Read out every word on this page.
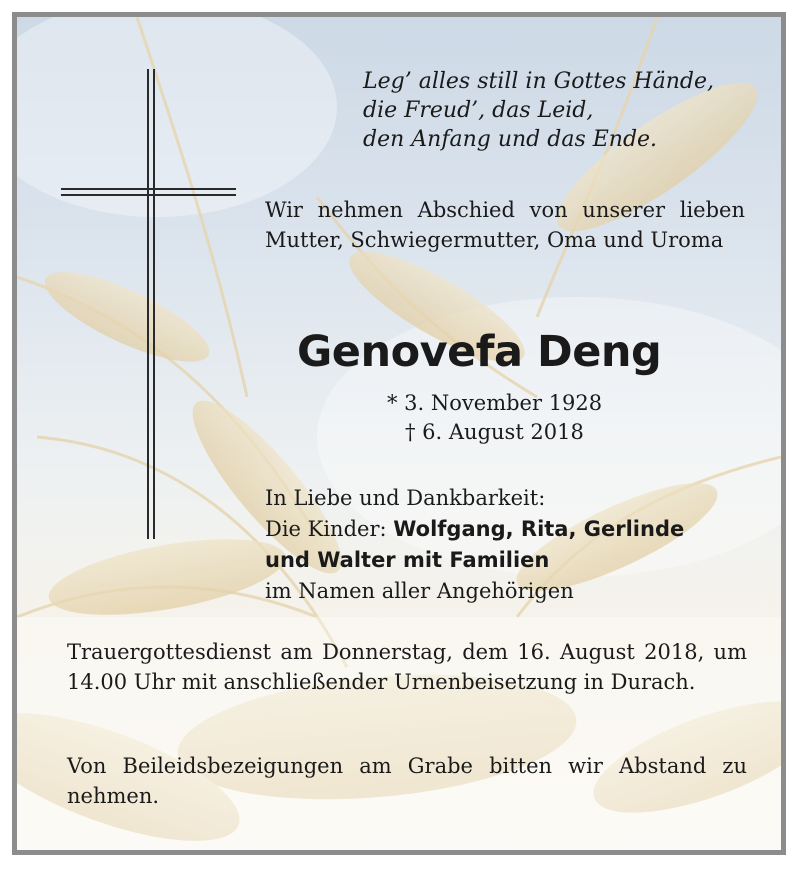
Leg’ alles still in Gottes Hände,
die Freud’, das Leid,
den Anfang und das Ende.

Wir nehmen Abschied von unserer lieben Mutter, Schwiegermutter, Oma und Uroma

Genovefa Deng
* 3. November 1928
† 6. August 2018
In Liebe und Dankbarkeit:
Die Kinder: Wolfgang, Rita, Gerlinde
und Walter mit Familien
im Namen aller Angehörigen

Trauergottesdienst am Donnerstag, dem 16. August 2018, um 14.00 Uhr mit anschließender Urnenbeisetzung in Durach.

Von Beileidsbezeigungen am Grabe bitten wir Abstand zu nehmen.
